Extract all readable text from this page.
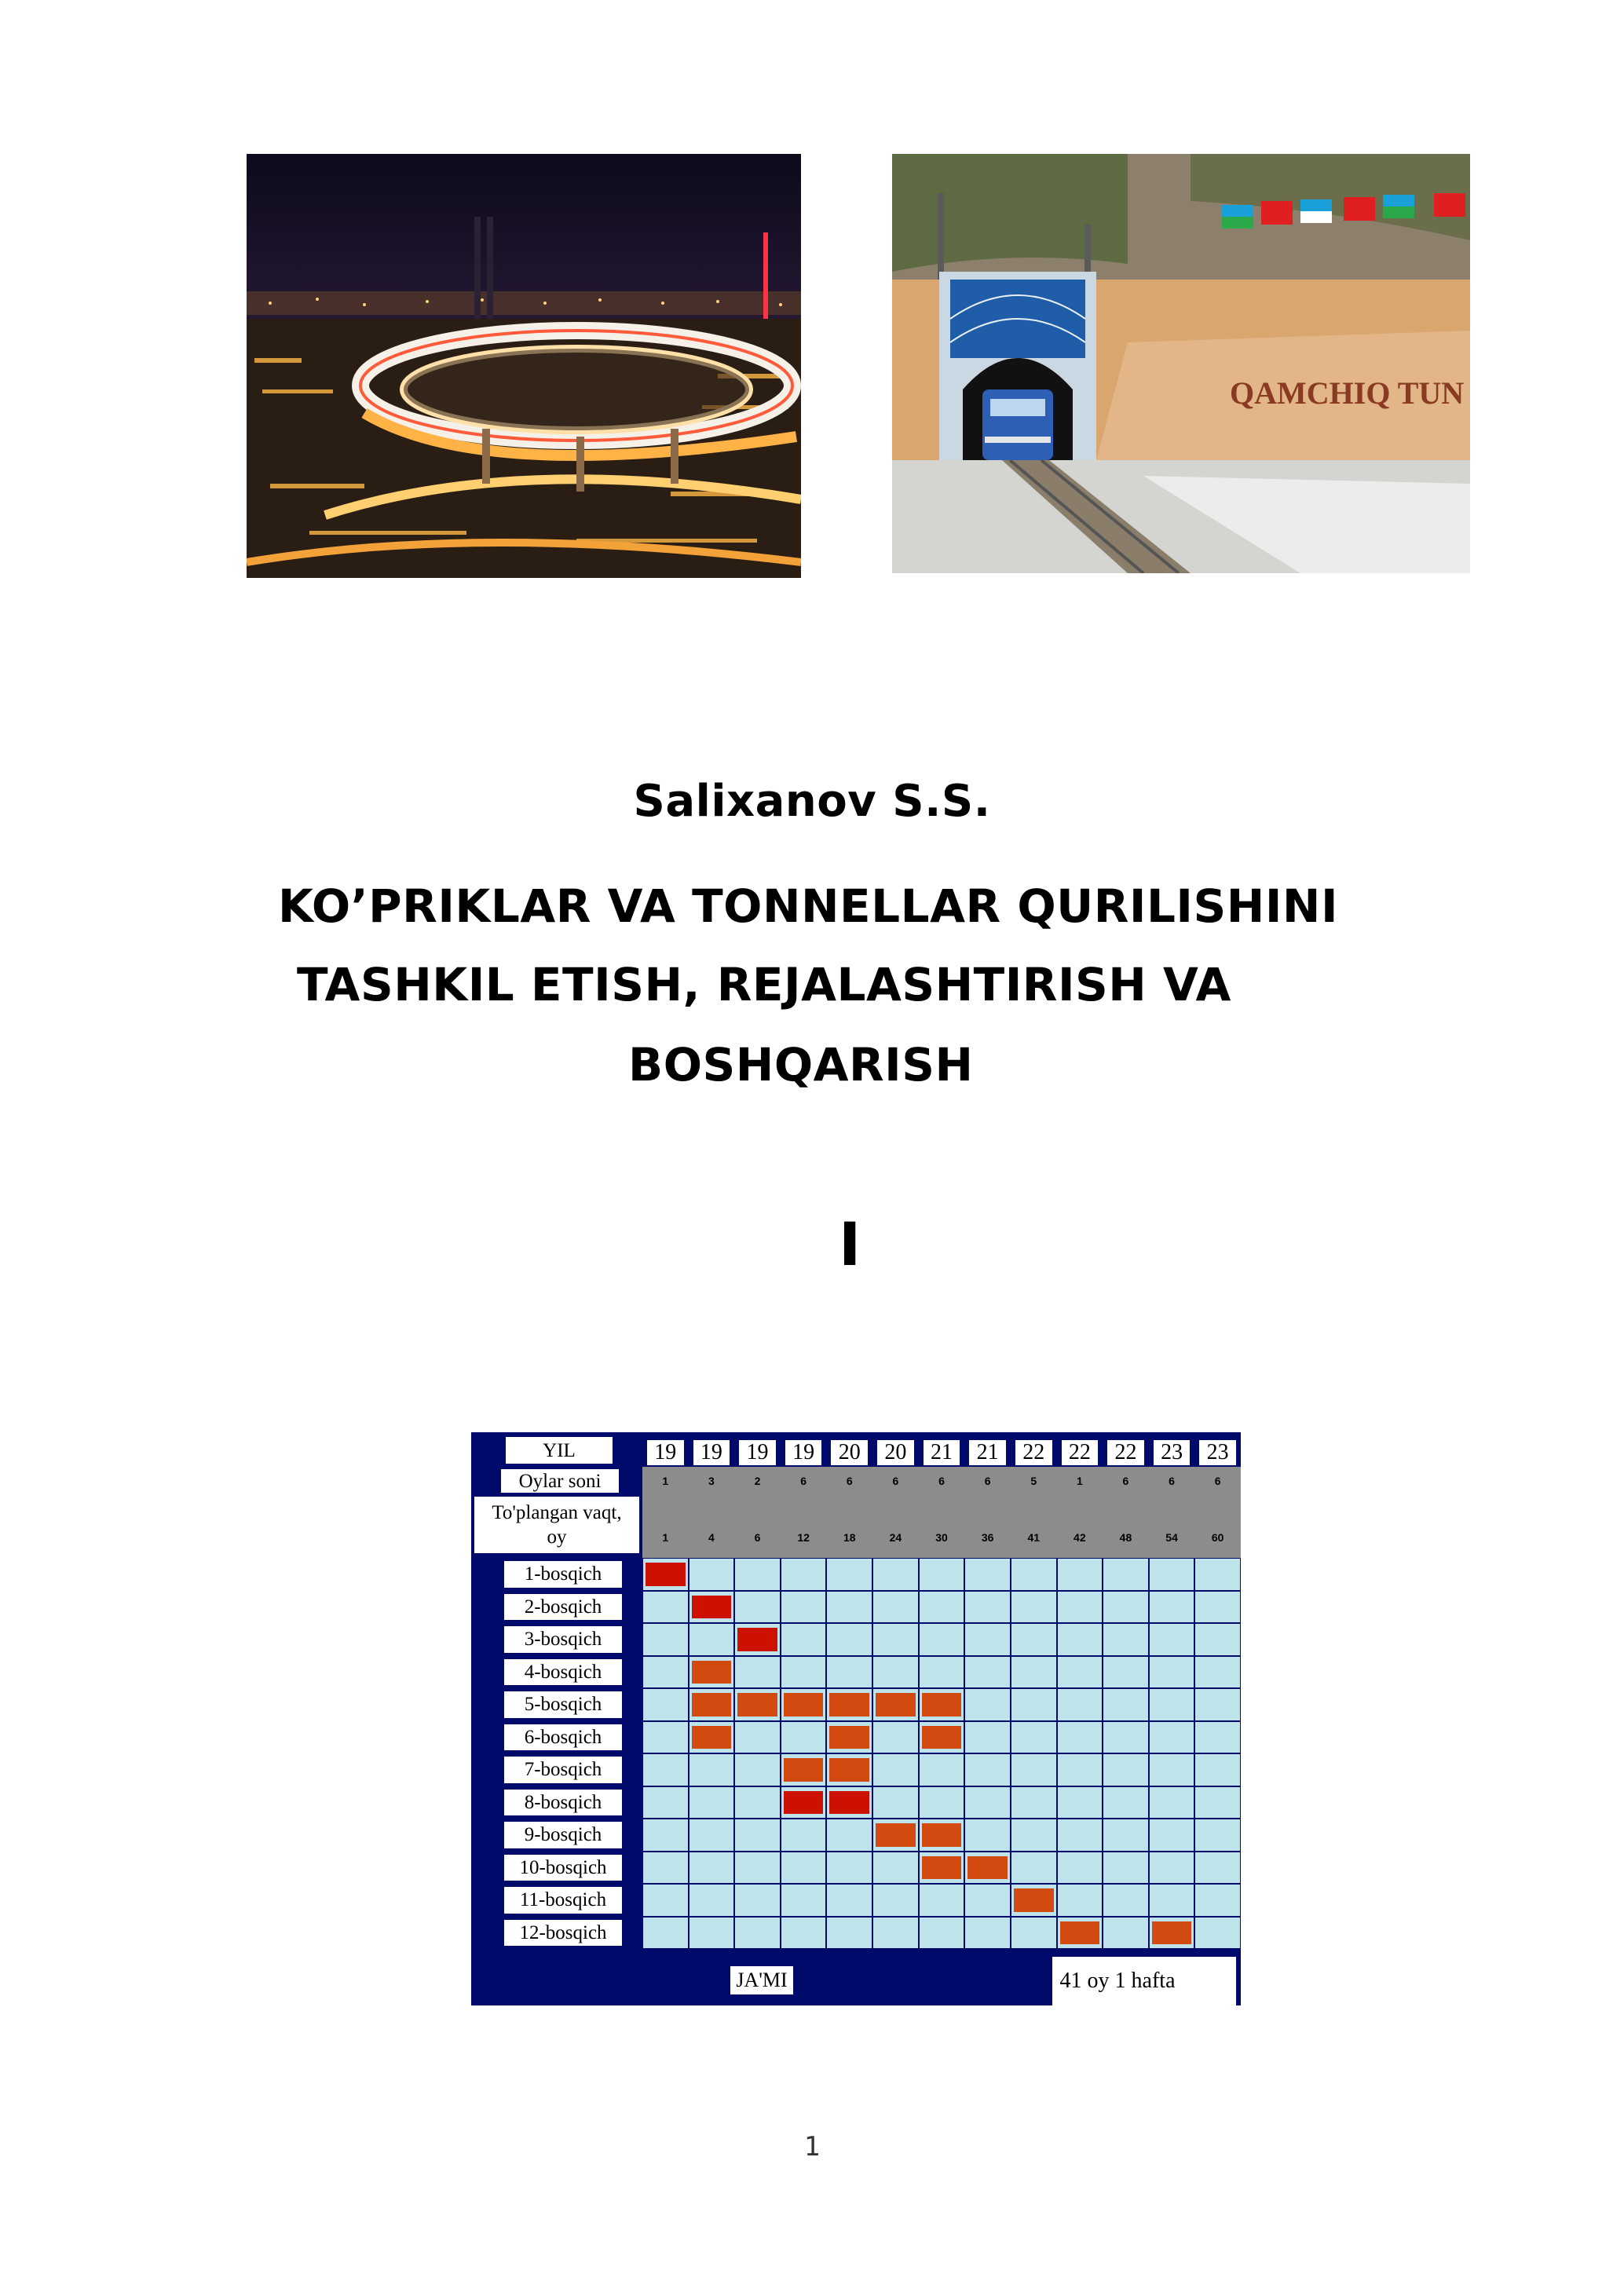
QAMCHIQ TUN
Salixanov S.S.
KO’PRIKLAR VA TONNELLAR QURILISHINI
TASHKIL ETISH, REJALASHTIRISH VA
BOSHQARISH
I
YIL	19	19	19	19	20	20	21	21	22	22	22	23	23
Oylar soni	1	3	2	6	6	6	6	6	5	1	6	6	6
To'plangan vaqt,
oy	1	4	6	12	18	24	30	36	41	42	48	54	60
1-bosqich
2-bosqich
3-bosqich
4-bosqich
5-bosqich
6-bosqich
7-bosqich
8-bosqich
9-bosqich
10-bosqich
11-bosqich
12-bosqich
JA'MI	41 oy 1 hafta
1
